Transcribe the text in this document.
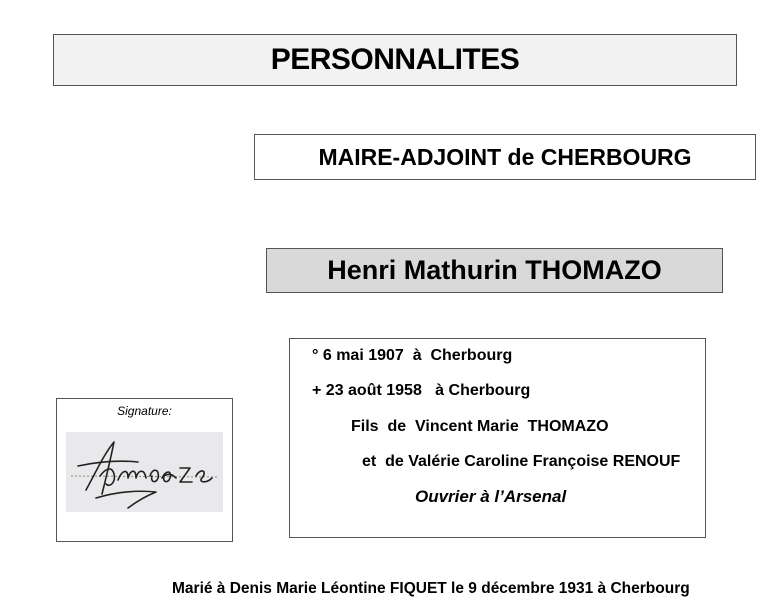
PERSONNALITES
MAIRE-ADJOINT de CHERBOURG
Henri Mathurin THOMAZO
° 6 mai 1907  à  Cherbourg
+ 23 août 1958   à Cherbourg
Fils  de  Vincent Marie  THOMAZO
et  de Valérie Caroline Françoise RENOUF
Ouvrier à l’Arsenal
Signature:
Marié à Denis Marie Léontine FIQUET le 9 décembre 1931 à Cherbourg
